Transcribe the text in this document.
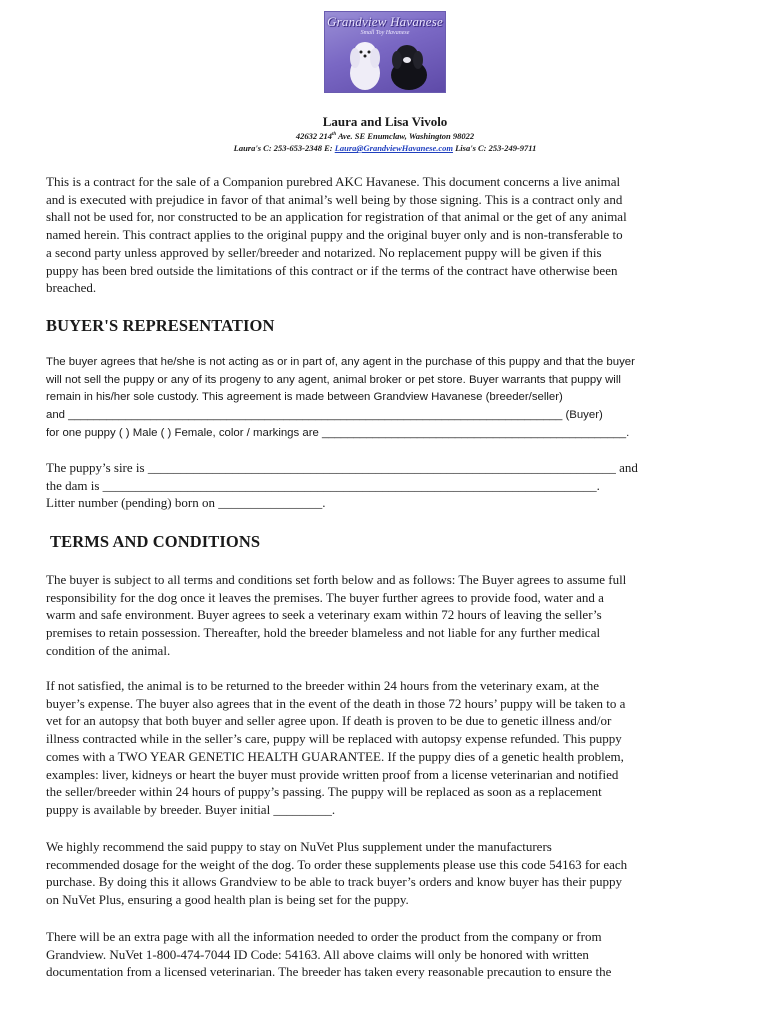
Grandview Havanese
Small Toy Havanese
Laura and Lisa Vivolo
42632 214th Ave. SE Enumclaw, Washington 98022
Laura's C: 253-653-2348 E: Laura@GrandviewHavanese.com Lisa's C: 253-249-9711
This is a contract for the sale of a Companion purebred AKC Havanese. This document concerns a live animal
and is executed with prejudice in favor of that animal’s well being by those signing. This is a contract only and
shall not be used for, nor constructed to be an application for registration of that animal or the get of any animal
named herein. This contract applies to the original puppy and the original buyer only and is non-transferable to
a second party unless approved by seller/breeder and notarized. No replacement puppy will be given if this
puppy has been bred outside the limitations of this contract or if the terms of the contract have otherwise been
breached.
BUYER'S REPRESENTATION
The buyer agrees that he/she is not acting as or in part of, any agent in the purchase of this puppy and that the buyer
will not sell the puppy or any of its progeny to any agent, animal broker or pet store. Buyer warrants that puppy will
remain in his/her sole custody. This agreement is made between Grandview Havanese (breeder/seller)
and ______________________________________________________________________________ (Buyer)
for one puppy ( ) Male ( ) Female, color / markings are ________________________________________________.
The puppy’s sire is ________________________________________________________________________ and
the dam is ____________________________________________________________________________.
Litter number (pending) born on ________________.
TERMS AND CONDITIONS
The buyer is subject to all terms and conditions set forth below and as follows: The Buyer agrees to assume full
responsibility for the dog once it leaves the premises. The buyer further agrees to provide food, water and a
warm and safe environment. Buyer agrees to seek a veterinary exam within 72 hours of leaving the seller’s
premises to retain possession. Thereafter, hold the breeder blameless and not liable for any further medical
condition of the animal.
If not satisfied, the animal is to be returned to the breeder within 24 hours from the veterinary exam, at the
buyer’s expense. The buyer also agrees that in the event of the death in those 72 hours’ puppy will be taken to a
vet for an autopsy that both buyer and seller agree upon. If death is proven to be due to genetic illness and/or
illness contracted while in the seller’s care, puppy will be replaced with autopsy expense refunded. This puppy
comes with a TWO YEAR GENETIC HEALTH GUARANTEE. If the puppy dies of a genetic health problem,
examples: liver, kidneys or heart the buyer must provide written proof from a license veterinarian and notified
the seller/breeder within 24 hours of puppy’s passing. The puppy will be replaced as soon as a replacement
puppy is available by breeder. Buyer initial _________.
We highly recommend the said puppy to stay on NuVet Plus supplement under the manufacturers
recommended dosage for the weight of the dog. To order these supplements please use this code 54163 for each
purchase. By doing this it allows Grandview to be able to track buyer’s orders and know buyer has their puppy
on NuVet Plus, ensuring a good health plan is being set for the puppy.
There will be an extra page with all the information needed to order the product from the company or from
Grandview. NuVet 1-800-474-7044 ID Code: 54163. All above claims will only be honored with written
documentation from a licensed veterinarian. The breeder has taken every reasonable precaution to ensure the
